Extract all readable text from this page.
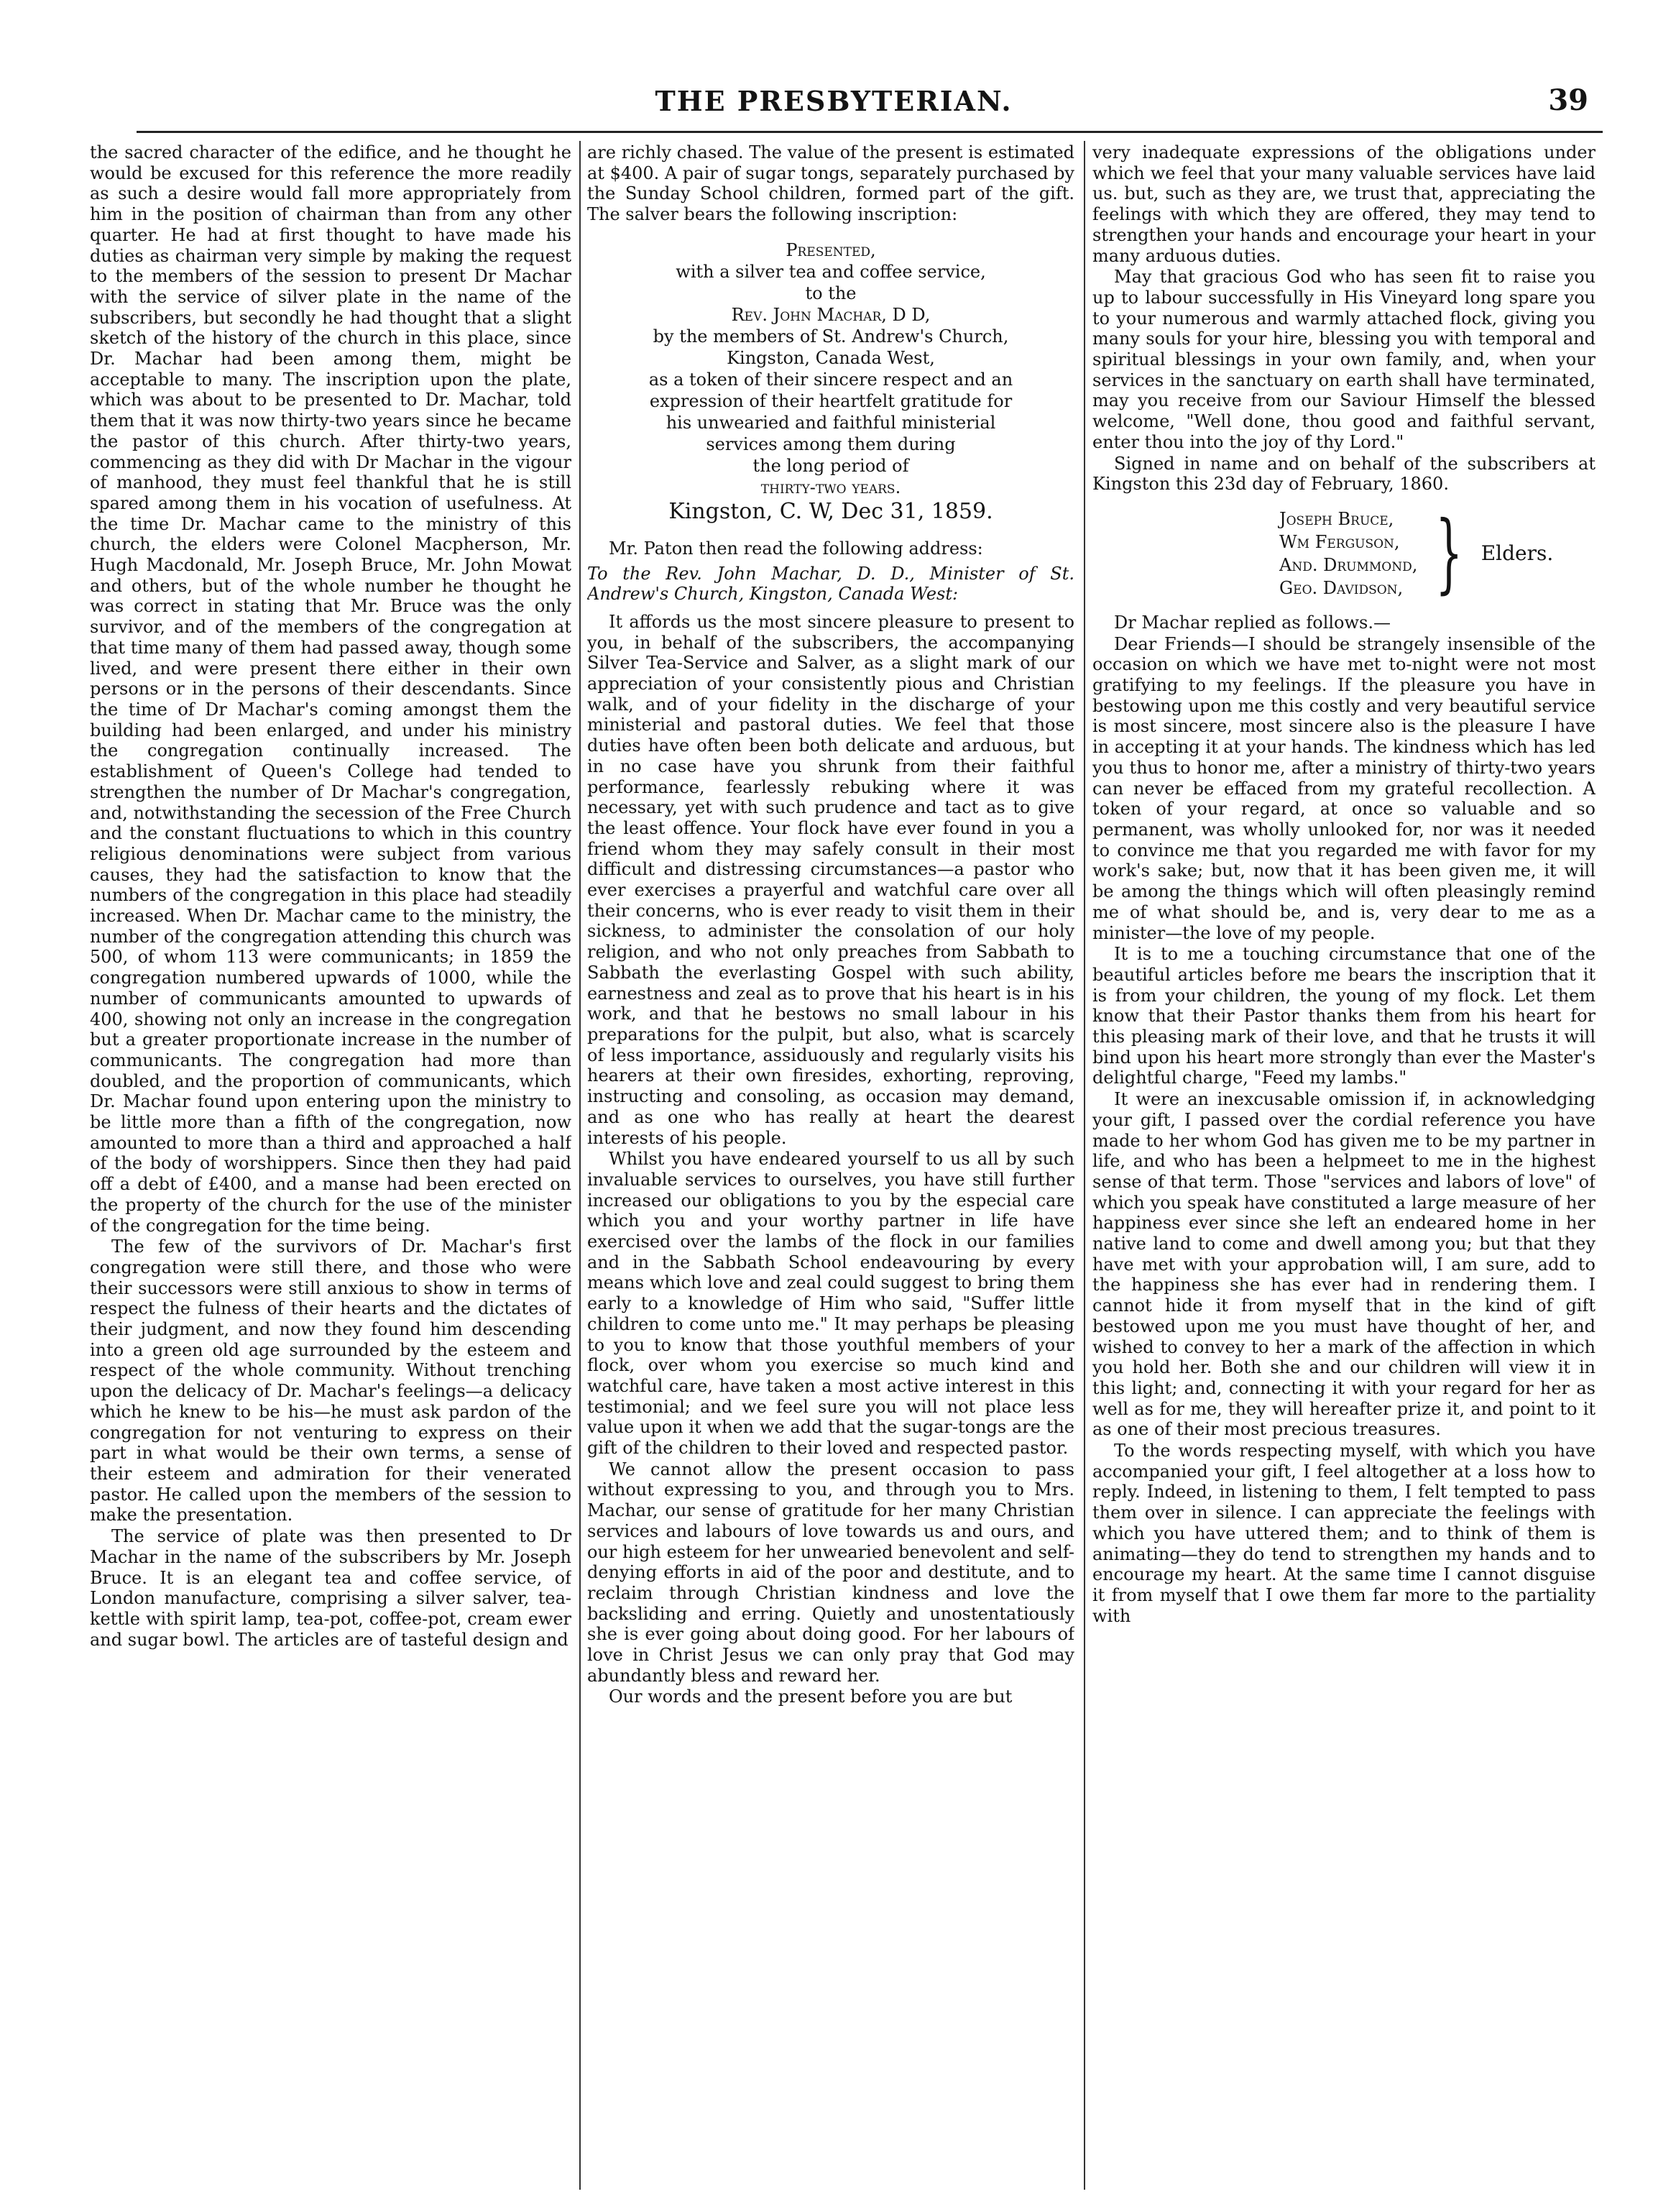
THE PRESBYTERIAN.	39

the sacred character of the edifice, and he thought he would be excused for this reference the more readily as such a desire would fall more appropriately from him in the position of chairman than from any other quarter. He had at first thought to have made his duties as chairman very simple by making the request to the members of the session to present Dr Machar with the service of silver plate in the name of the subscribers, but secondly he had thought that a slight sketch of the history of the church in this place, since Dr. Machar had been among them, might be acceptable to many. The inscription upon the plate, which was about to be presented to Dr. Machar, told them that it was now thirty-two years since he became the pastor of this church. After thirty-two years, commencing as they did with Dr Machar in the vigour of manhood, they must feel thankful that he is still spared among them in his vocation of usefulness. At the time Dr. Machar came to the ministry of this church, the elders were Colonel Macpherson, Mr. Hugh Macdonald, Mr. Joseph Bruce, Mr. John Mowat and others, but of the whole number he thought he was correct in stating that Mr. Bruce was the only survivor, and of the members of the congregation at that time many of them had passed away, though some lived, and were present there either in their own persons or in the persons of their descendants. Since the time of Dr Machar's coming amongst them the building had been enlarged, and under his ministry the congregation continually increased. The establishment of Queen's College had tended to strengthen the number of Dr Machar's congregation, and, notwithstanding the secession of the Free Church and the constant fluctuations to which in this country religious denominations were subject from various causes, they had the satisfaction to know that the numbers of the congregation in this place had steadily increased. When Dr. Machar came to the ministry, the number of the congregation attending this church was 500, of whom 113 were communicants; in 1859 the congregation numbered upwards of 1000, while the number of communicants amounted to upwards of 400, showing not only an increase in the congregation but a greater proportionate increase in the number of communicants. The congregation had more than doubled, and the proportion of communicants, which Dr. Machar found upon entering upon the ministry to be little more than a fifth of the congregation, now amounted to more than a third and approached a half of the body of worshippers. Since then they had paid off a debt of £400, and a manse had been erected on the property of the church for the use of the minister of the congregation for the time being.

The few of the survivors of Dr. Machar's first congregation were still there, and those who were their successors were still anxious to show in terms of respect the fulness of their hearts and the dictates of their judgment, and now they found him descending into a green old age surrounded by the esteem and respect of the whole community. Without trenching upon the delicacy of Dr. Machar's feelings—a delicacy which he knew to be his—he must ask pardon of the congregation for not venturing to express on their part in what would be their own terms, a sense of their esteem and admiration for their venerated pastor. He called upon the members of the session to make the presentation.

The service of plate was then presented to Dr Machar in the name of the subscribers by Mr. Joseph Bruce. It is an elegant tea and coffee service, of London manufacture, comprising a silver salver, tea-kettle with spirit lamp, tea-pot, coffee-pot, cream ewer and sugar bowl. The articles are of tasteful design and

are richly chased. The value of the present is estimated at $400. A pair of sugar tongs, separately purchased by the Sunday School children, formed part of the gift. The salver bears the following inscription:

Presented,
with a silver tea and coffee service,
to the
Rev. John Machar, D D,
by the members of St. Andrew's Church,
Kingston, Canada West,
as a token of their sincere respect and an
expression of their heartfelt gratitude for
his unwearied and faithful ministerial
services among them during
the long period of
thirty-two years.
Kingston, C. W, Dec 31, 1859.

Mr. Paton then read the following address:

To the Rev. John Machar, D. D., Minister of St. Andrew's Church, Kingston, Canada West:

It affords us the most sincere pleasure to present to you, in behalf of the subscribers, the accompanying Silver Tea-Service and Salver, as a slight mark of our appreciation of your consistently pious and Christian walk, and of your fidelity in the discharge of your ministerial and pastoral duties. We feel that those duties have often been both delicate and arduous, but in no case have you shrunk from their faithful performance, fearlessly rebuking where it was necessary, yet with such prudence and tact as to give the least offence. Your flock have ever found in you a friend whom they may safely consult in their most difficult and distressing circumstances—a pastor who ever exercises a prayerful and watchful care over all their concerns, who is ever ready to visit them in their sickness, to administer the consolation of our holy religion, and who not only preaches from Sabbath to Sabbath the everlasting Gospel with such ability, earnestness and zeal as to prove that his heart is in his work, and that he bestows no small labour in his preparations for the pulpit, but also, what is scarcely of less importance, assiduously and regularly visits his hearers at their own firesides, exhorting, reproving, instructing and consoling, as occasion may demand, and as one who has really at heart the dearest interests of his people.

Whilst you have endeared yourself to us all by such invaluable services to ourselves, you have still further increased our obligations to you by the especial care which you and your worthy partner in life have exercised over the lambs of the flock in our families and in the Sabbath School endeavouring by every means which love and zeal could suggest to bring them early to a knowledge of Him who said, "Suffer little children to come unto me." It may perhaps be pleasing to you to know that those youthful members of your flock, over whom you exercise so much kind and watchful care, have taken a most active interest in this testimonial; and we feel sure you will not place less value upon it when we add that the sugar-tongs are the gift of the children to their loved and respected pastor.

We cannot allow the present occasion to pass without expressing to you, and through you to Mrs. Machar, our sense of gratitude for her many Christian services and labours of love towards us and ours, and our high esteem for her unwearied benevolent and self-denying efforts in aid of the poor and destitute, and to reclaim through Christian kindness and love the backsliding and erring. Quietly and unostentatiously she is ever going about doing good. For her labours of love in Christ Jesus we can only pray that God may abundantly bless and reward her.

Our words and the present before you are but

very inadequate expressions of the obligations under which we feel that your many valuable services have laid us. but, such as they are, we trust that, appreciating the feelings with which they are offered, they may tend to strengthen your hands and encourage your heart in your many arduous duties.

May that gracious God who has seen fit to raise you up to labour successfully in His Vineyard long spare you to your numerous and warmly attached flock, giving you many souls for your hire, blessing you with temporal and spiritual blessings in your own family, and, when your services in the sanctuary on earth shall have terminated, may you receive from our Saviour Himself the blessed welcome, "Well done, thou good and faithful servant, enter thou into the joy of thy Lord."

Signed in name and on behalf of the subscribers at Kingston this 23d day of February, 1860.

Joseph Bruce,
Wm Ferguson,
And. Drummond,
Geo. Davidson, } Elders.

Dr Machar replied as follows.—

Dear Friends—I should be strangely insensible of the occasion on which we have met to-night were not most gratifying to my feelings. If the pleasure you have in bestowing upon me this costly and very beautiful service is most sincere, most sincere also is the pleasure I have in accepting it at your hands. The kindness which has led you thus to honor me, after a ministry of thirty-two years can never be effaced from my grateful recollection. A token of your regard, at once so valuable and so permanent, was wholly unlooked for, nor was it needed to convince me that you regarded me with favor for my work's sake; but, now that it has been given me, it will be among the things which will often pleasingly remind me of what should be, and is, very dear to me as a minister—the love of my people.

It is to me a touching circumstance that one of the beautiful articles before me bears the inscription that it is from your children, the young of my flock. Let them know that their Pastor thanks them from his heart for this pleasing mark of their love, and that he trusts it will bind upon his heart more strongly than ever the Master's delightful charge, "Feed my lambs."

It were an inexcusable omission if, in acknowledging your gift, I passed over the cordial reference you have made to her whom God has given me to be my partner in life, and who has been a helpmeet to me in the highest sense of that term. Those "services and labors of love" of which you speak have constituted a large measure of her happiness ever since she left an endeared home in her native land to come and dwell among you; but that they have met with your approbation will, I am sure, add to the happiness she has ever had in rendering them. I cannot hide it from myself that in the kind of gift bestowed upon me you must have thought of her, and wished to convey to her a mark of the affection in which you hold her. Both she and our children will view it in this light; and, connecting it with your regard for her as well as for me, they will hereafter prize it, and point to it as one of their most precious treasures.

To the words respecting myself, with which you have accompanied your gift, I feel altogether at a loss how to reply. Indeed, in listening to them, I felt tempted to pass them over in silence. I can appreciate the feelings with which you have uttered them; and to think of them is animating—they do tend to strengthen my hands and to encourage my heart. At the same time I cannot disguise it from myself that I owe them far more to the partiality with
